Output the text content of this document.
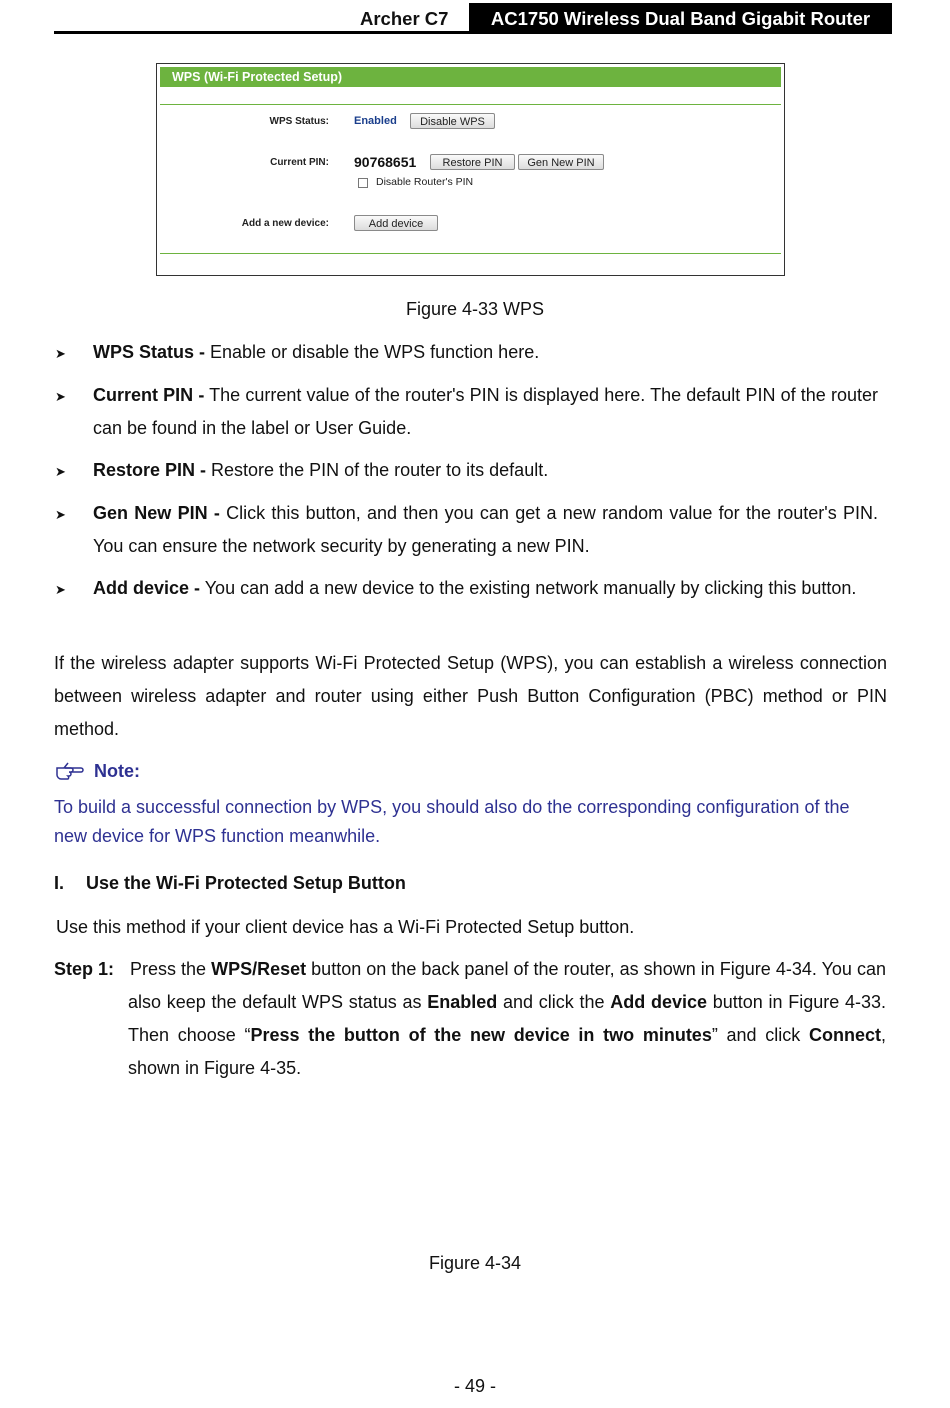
Archer C7	AC1750 Wireless Dual Band Gigabit Router
WPS (Wi-Fi Protected Setup)
WPS Status: Enabled	Disable WPS
Current PIN: 90768651	Restore PIN	Gen New PIN
Disable Router's PIN
Add a new device:	Add device
Figure 4-33 WPS
➤ WPS Status - Enable or disable the WPS function here.
➤ Current PIN - The current value of the router's PIN is displayed here. The default PIN of the router can be found in the label or User Guide.
➤ Restore PIN - Restore the PIN of the router to its default.
➤ Gen New PIN - Click this button, and then you can get a new random value for the router's PIN. You can ensure the network security by generating a new PIN.
➤ Add device - You can add a new device to the existing network manually by clicking this button.
If the wireless adapter supports Wi-Fi Protected Setup (WPS), you can establish a wireless connection between wireless adapter and router using either Push Button Configuration (PBC) method or PIN method.
Note:
To build a successful connection by WPS, you should also do the corresponding configuration of the new device for WPS function meanwhile.
I. Use the Wi-Fi Protected Setup Button
Use this method if your client device has a Wi-Fi Protected Setup button.
Step 1: Press the WPS/Reset button on the back panel of the router, as shown in Figure 4-34. You can also keep the default WPS status as Enabled and click the Add device button in Figure 4-33. Then choose “Press the button of the new device in two minutes” and click Connect, shown in Figure 4-35.
Figure 4-34
- 49 -
